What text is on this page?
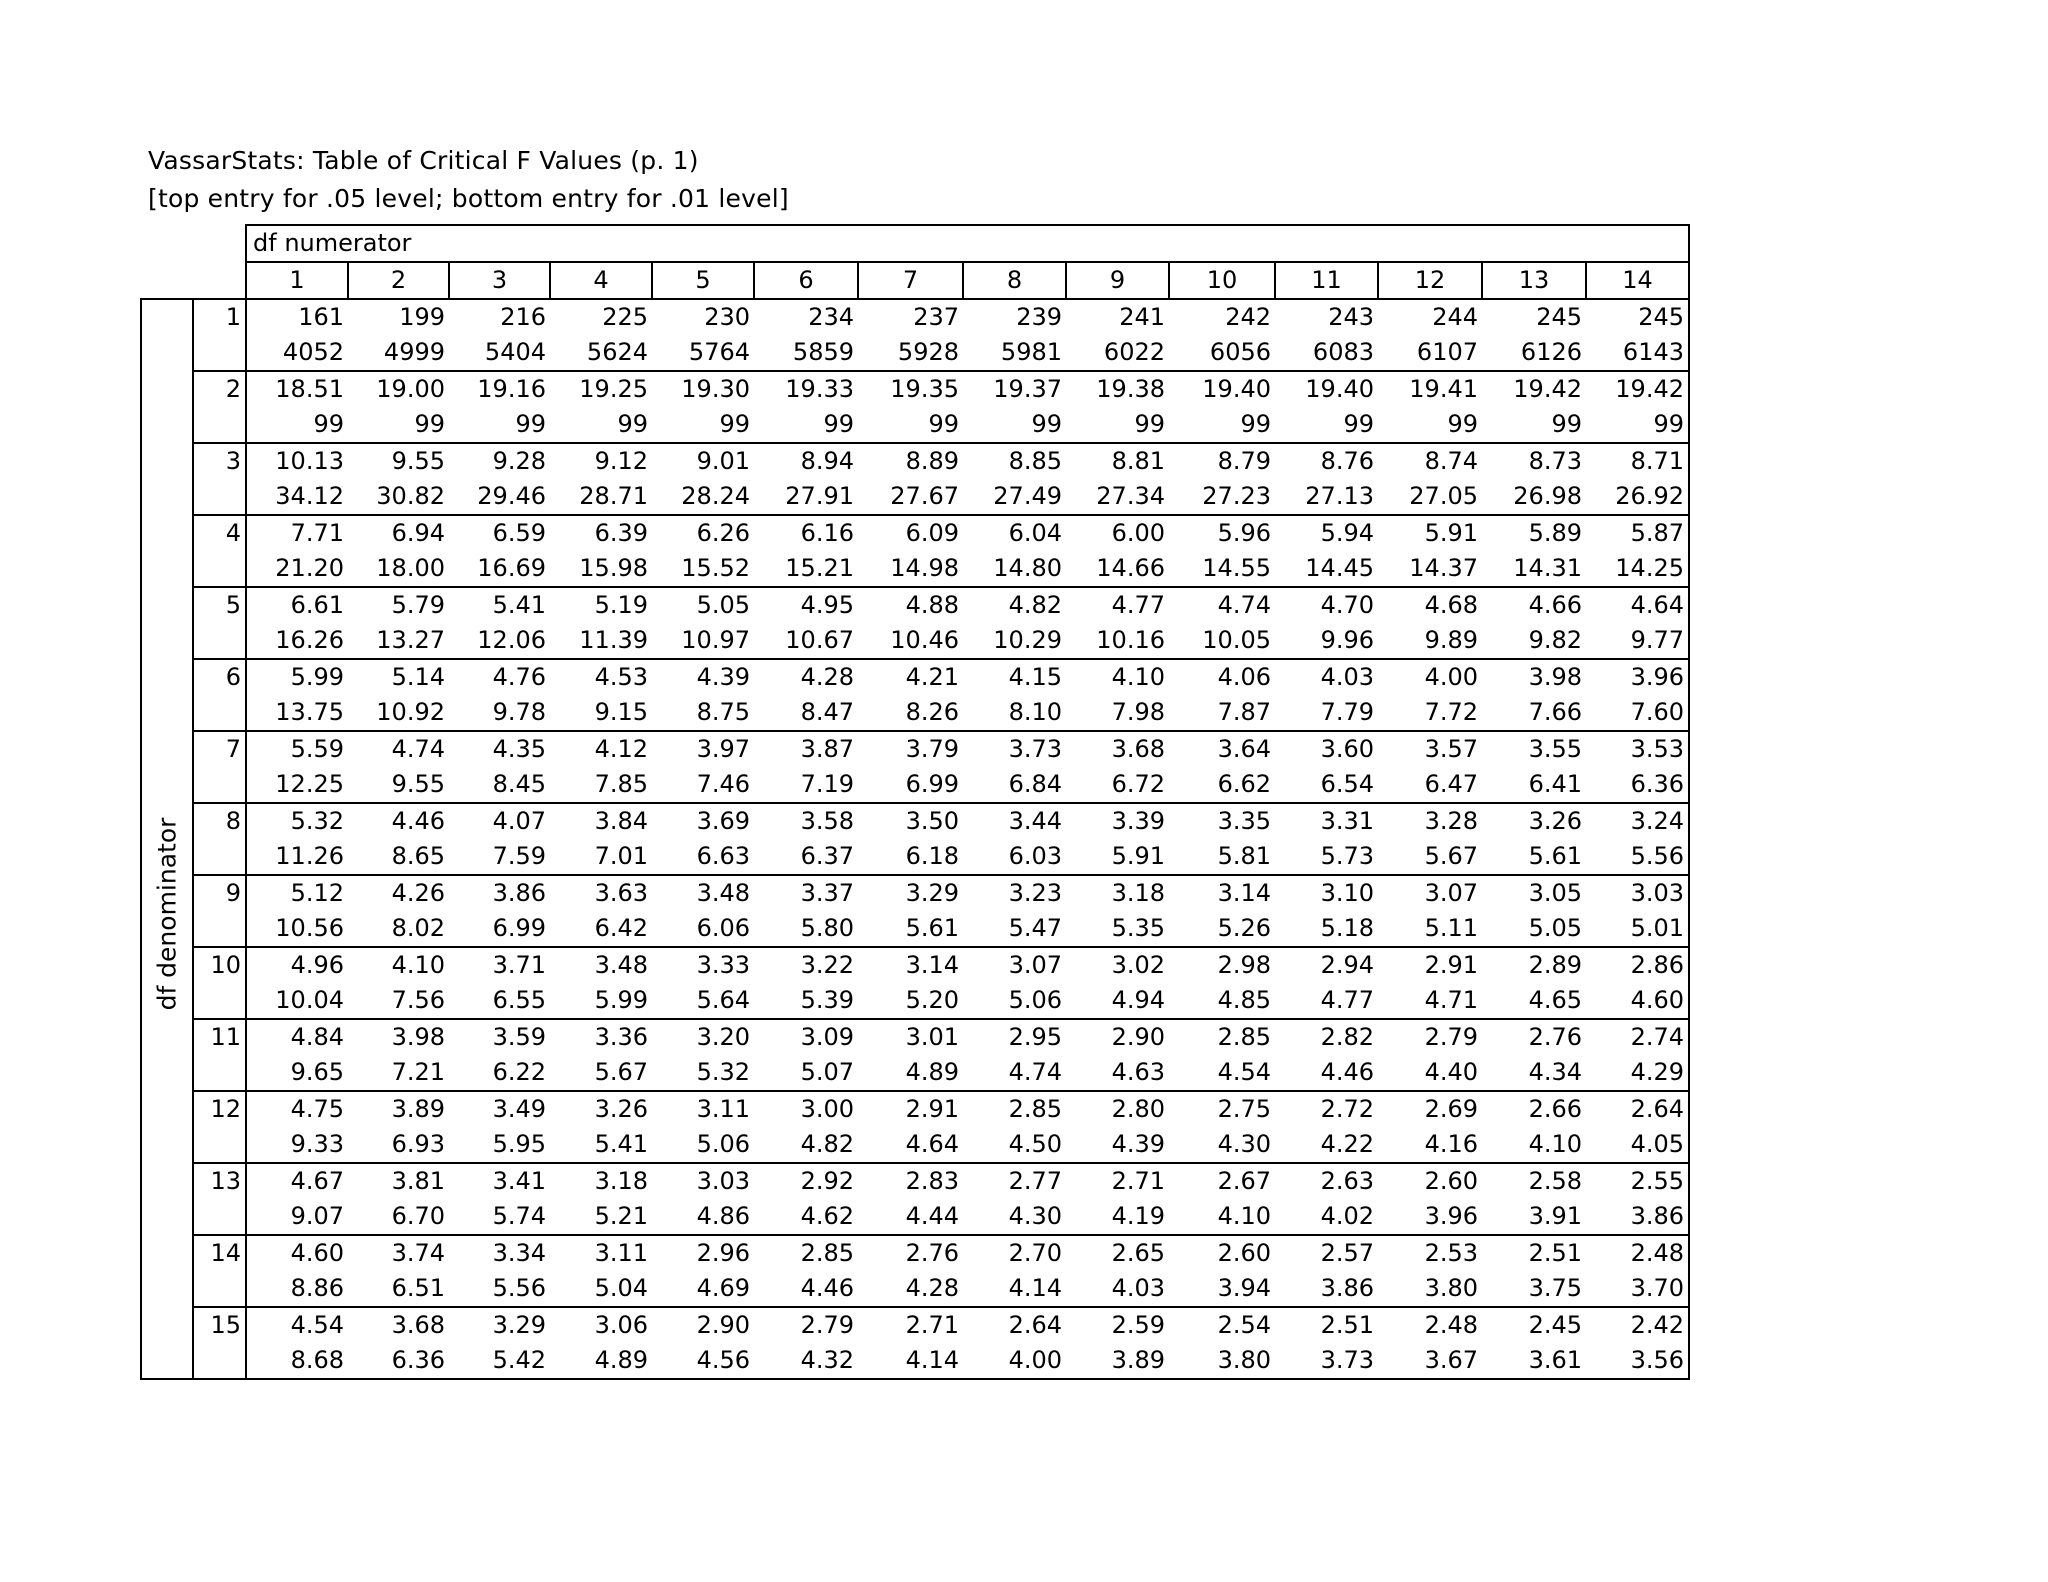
VassarStats: Table of Critical F Values (p. 1)
[top entry for .05 level; bottom entry for .01 level]
		df numerator													
		1	2	3	4	5	6	7	8	9	10	11	12	13	14

df denominator	1	161	199	216	225	230	234	237	239	241	242	243	244	245	245
		4052	4999	5404	5624	5764	5859	5928	5981	6022	6056	6083	6107	6126	6143
	2	18.51	19.00	19.16	19.25	19.30	19.33	19.35	19.37	19.38	19.40	19.40	19.41	19.42	19.42
		99	99	99	99	99	99	99	99	99	99	99	99	99	99
	3	10.13	9.55	9.28	9.12	9.01	8.94	8.89	8.85	8.81	8.79	8.76	8.74	8.73	8.71
		34.12	30.82	29.46	28.71	28.24	27.91	27.67	27.49	27.34	27.23	27.13	27.05	26.98	26.92
	4	7.71	6.94	6.59	6.39	6.26	6.16	6.09	6.04	6.00	5.96	5.94	5.91	5.89	5.87
		21.20	18.00	16.69	15.98	15.52	15.21	14.98	14.80	14.66	14.55	14.45	14.37	14.31	14.25
	5	6.61	5.79	5.41	5.19	5.05	4.95	4.88	4.82	4.77	4.74	4.70	4.68	4.66	4.64
		16.26	13.27	12.06	11.39	10.97	10.67	10.46	10.29	10.16	10.05	9.96	9.89	9.82	9.77
	6	5.99	5.14	4.76	4.53	4.39	4.28	4.21	4.15	4.10	4.06	4.03	4.00	3.98	3.96
		13.75	10.92	9.78	9.15	8.75	8.47	8.26	8.10	7.98	7.87	7.79	7.72	7.66	7.60
	7	5.59	4.74	4.35	4.12	3.97	3.87	3.79	3.73	3.68	3.64	3.60	3.57	3.55	3.53
		12.25	9.55	8.45	7.85	7.46	7.19	6.99	6.84	6.72	6.62	6.54	6.47	6.41	6.36
	8	5.32	4.46	4.07	3.84	3.69	3.58	3.50	3.44	3.39	3.35	3.31	3.28	3.26	3.24
		11.26	8.65	7.59	7.01	6.63	6.37	6.18	6.03	5.91	5.81	5.73	5.67	5.61	5.56
	9	5.12	4.26	3.86	3.63	3.48	3.37	3.29	3.23	3.18	3.14	3.10	3.07	3.05	3.03
		10.56	8.02	6.99	6.42	6.06	5.80	5.61	5.47	5.35	5.26	5.18	5.11	5.05	5.01
	10	4.96	4.10	3.71	3.48	3.33	3.22	3.14	3.07	3.02	2.98	2.94	2.91	2.89	2.86
		10.04	7.56	6.55	5.99	5.64	5.39	5.20	5.06	4.94	4.85	4.77	4.71	4.65	4.60
	11	4.84	3.98	3.59	3.36	3.20	3.09	3.01	2.95	2.90	2.85	2.82	2.79	2.76	2.74
		9.65	7.21	6.22	5.67	5.32	5.07	4.89	4.74	4.63	4.54	4.46	4.40	4.34	4.29
	12	4.75	3.89	3.49	3.26	3.11	3.00	2.91	2.85	2.80	2.75	2.72	2.69	2.66	2.64
		9.33	6.93	5.95	5.41	5.06	4.82	4.64	4.50	4.39	4.30	4.22	4.16	4.10	4.05
	13	4.67	3.81	3.41	3.18	3.03	2.92	2.83	2.77	2.71	2.67	2.63	2.60	2.58	2.55
		9.07	6.70	5.74	5.21	4.86	4.62	4.44	4.30	4.19	4.10	4.02	3.96	3.91	3.86
	14	4.60	3.74	3.34	3.11	2.96	2.85	2.76	2.70	2.65	2.60	2.57	2.53	2.51	2.48
		8.86	6.51	5.56	5.04	4.69	4.46	4.28	4.14	4.03	3.94	3.86	3.80	3.75	3.70
	15	4.54	3.68	3.29	3.06	2.90	2.79	2.71	2.64	2.59	2.54	2.51	2.48	2.45	2.42
		8.68	6.36	5.42	4.89	4.56	4.32	4.14	4.00	3.89	3.80	3.73	3.67	3.61	3.56
